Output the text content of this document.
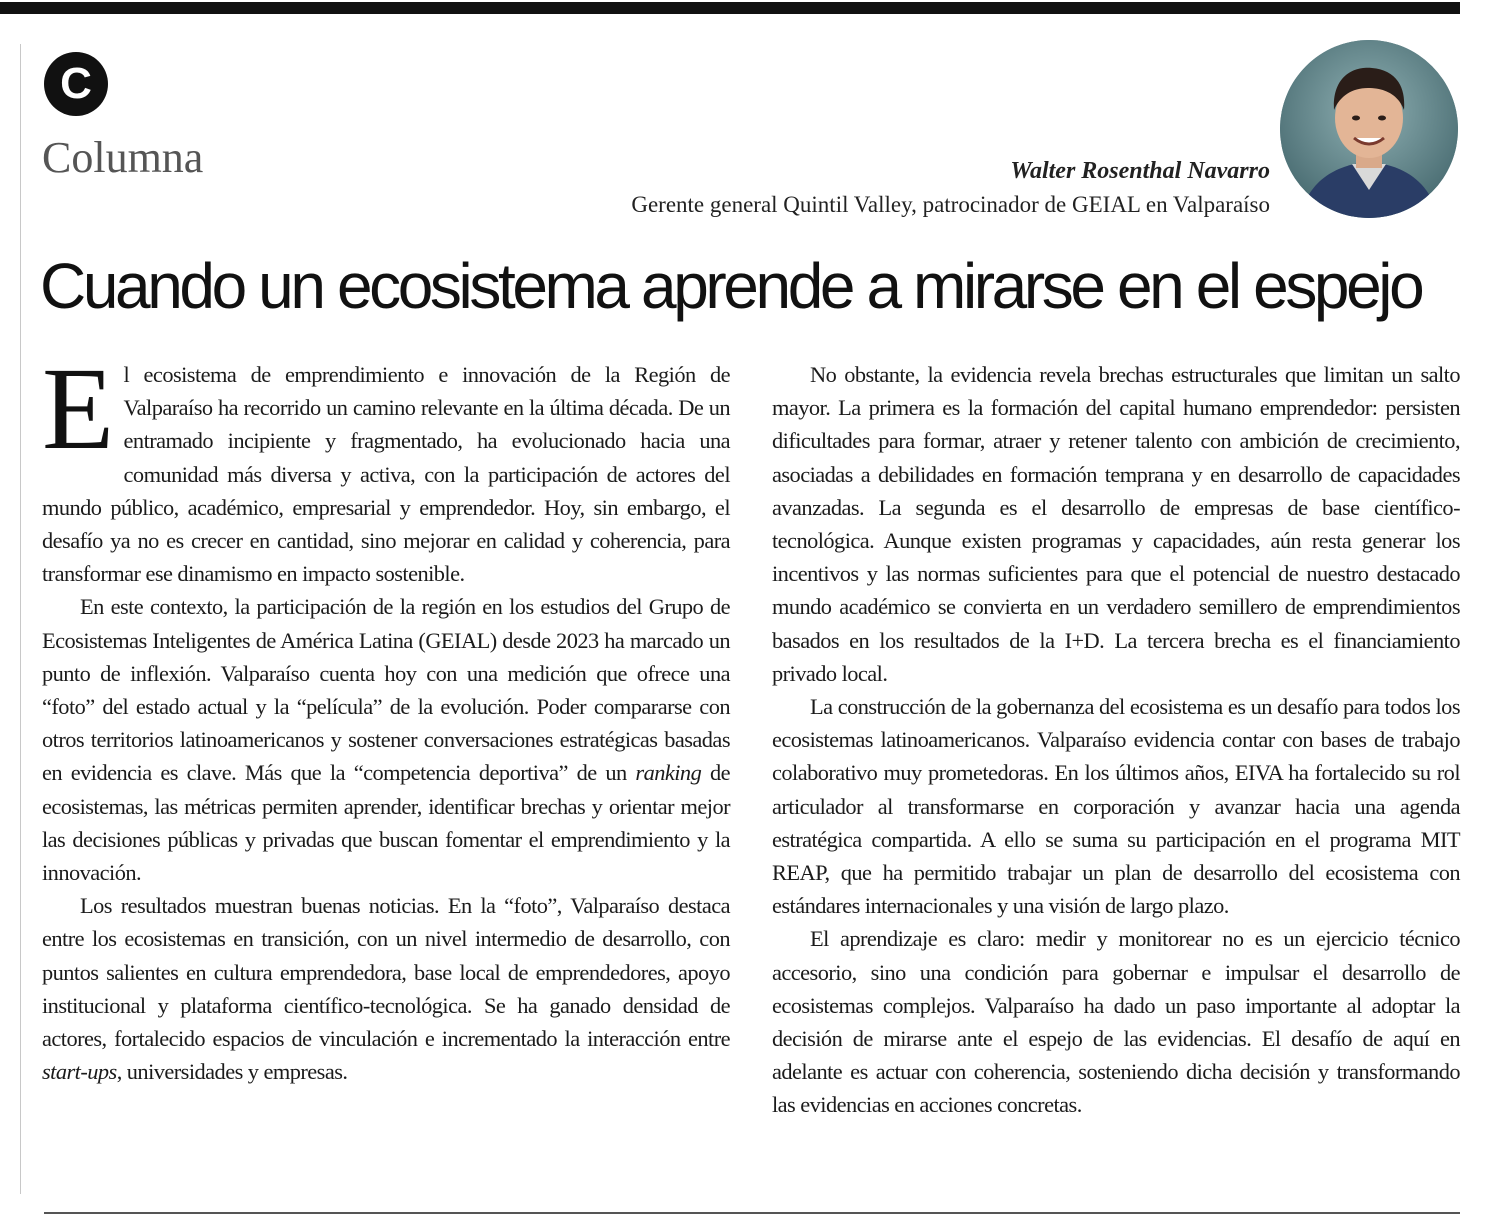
C
Columna	Walter Rosenthal Navarro
Gerente general Quintil Valley, patrocinador de GEIAL en Valparaíso
Cuando un ecosistema aprende a mirarse en el espejo

El ecosistema de emprendimiento e innovación de la Región de Valparaíso ha recorrido un camino relevante en la última década. De un entramado incipiente y fragmentado, ha evolucionado hacia una comunidad más diversa y activa, con la participación de actores del mundo público, académico, empresarial y emprendedor. Hoy, sin embargo, el desafío ya no es crecer en cantidad, sino mejorar en calidad y coherencia, para transformar ese dinamismo en impacto sostenible.

En este contexto, la participación de la región en los estudios del Grupo de Ecosistemas Inteligentes de América Latina (GEIAL) desde 2023 ha marcado un punto de inflexión. Valparaíso cuenta hoy con una medición que ofrece una “foto” del estado actual y la “película” de la evolución. Poder compararse con otros territorios latinoamericanos y sostener conversaciones estratégicas basadas en evidencia es clave. Más que la “competencia deportiva” de un ranking de ecosistemas, las métricas permiten aprender, identificar brechas y orientar mejor las decisiones públicas y privadas que buscan fomentar el emprendimiento y la innovación.

Los resultados muestran buenas noticias. En la “foto”, Valparaíso destaca entre los ecosistemas en transición, con un nivel intermedio de desarrollo, con puntos salientes en cultura emprendedora, base local de emprendedores, apoyo institucional y plataforma científico-tecnológica. Se ha ganado densidad de actores, fortalecido espacios de vinculación e incrementado la interacción entre start-ups, universidades y empresas.

No obstante, la evidencia revela brechas estructurales que limitan un salto mayor. La primera es la formación del capital humano emprendedor: persisten dificultades para formar, atraer y retener talento con ambición de crecimiento, asociadas a debilidades en formación temprana y en desarrollo de capacidades avanzadas. La segunda es el desarrollo de empresas de base científico-tecnológica. Aunque existen programas y capacidades, aún resta generar los incentivos y las normas suficientes para que el potencial de nuestro destacado mundo académico se convierta en un verdadero semillero de emprendimientos basados en los resultados de la I+D. La tercera brecha es el financiamiento privado local.

La construcción de la gobernanza del ecosistema es un desafío para todos los ecosistemas latinoamericanos. Valparaíso evidencia contar con bases de trabajo colaborativo muy prometedoras. En los últimos años, EIVA ha fortalecido su rol articulador al transformarse en corporación y avanzar hacia una agenda estratégica compartida. A ello se suma su participación en el programa MIT REAP, que ha permitido trabajar un plan de desarrollo del ecosistema con estándares internacionales y una visión de largo plazo.

El aprendizaje es claro: medir y monitorear no es un ejercicio técnico accesorio, sino una condición para gobernar e impulsar el desarrollo de ecosistemas complejos. Valparaíso ha dado un paso importante al adoptar la decisión de mirarse ante el espejo de las evidencias. El desafío de aquí en adelante es actuar con coherencia, sosteniendo dicha decisión y transformando las evidencias en acciones concretas.
